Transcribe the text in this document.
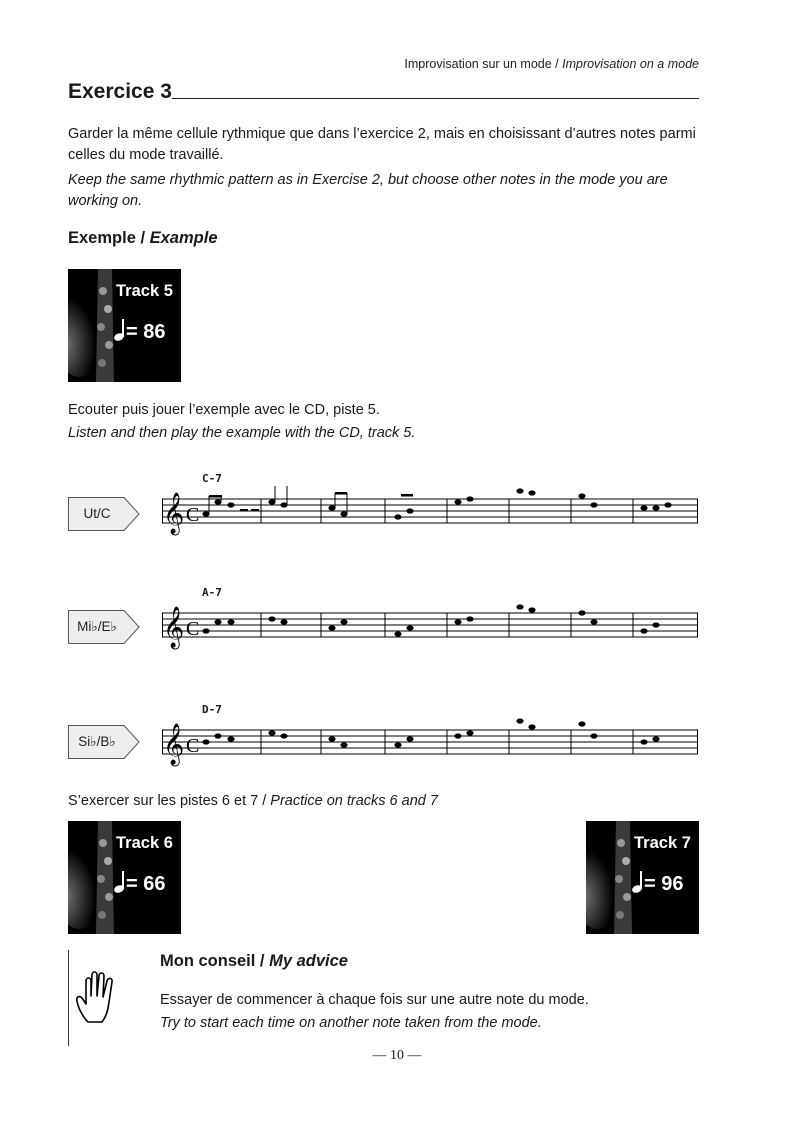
Improvisation sur un mode / Improvisation on a mode
Exercice 3
Garder la même cellule rythmique que dans l’exercice 2, mais en choisissant d’autres notes parmi celles du mode travaillé.
Keep the same rhythmic pattern as in Exercise 2, but choose other notes in the mode you are working on.
Exemple / Example
Track 5
= 86
Ecouter puis jouer l’exemple avec le CD, piste 5.
Listen and then play the example with the CD, track 5.
Ut/C
C-7
𝄞 C
Mi♭/E♭
A-7
𝄞 C
Si♭/B♭
D-7
𝄞 C
S’exercer sur les pistes 6 et 7 / Practice on tracks 6 and 7
Track 6
= 66
Track 7
= 96
Mon conseil / My advice
Essayer de commencer à chaque fois sur une autre note du mode.
Try to start each time on another note taken from the mode.
— 10 —
